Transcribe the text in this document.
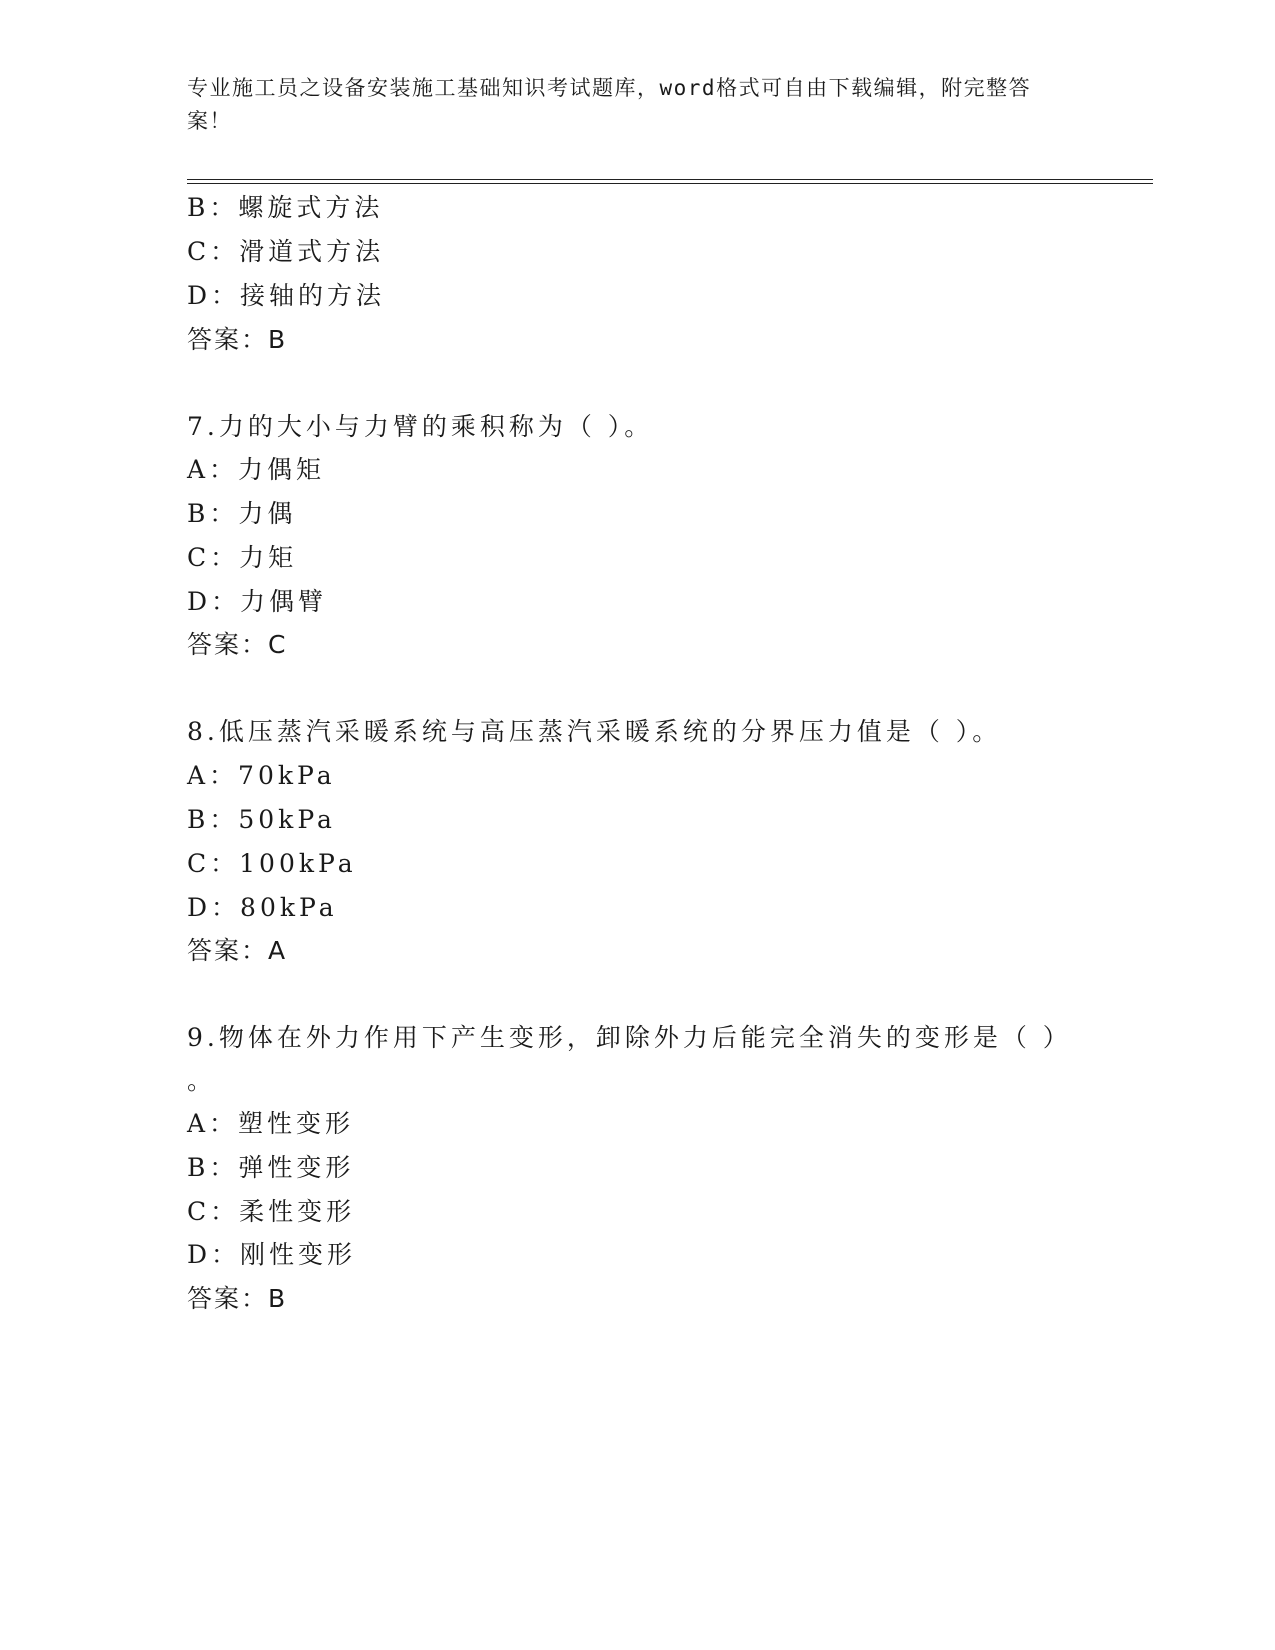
专业施工员之设备安装施工基础知识考试题库，word格式可自由下载编辑，附完整答案！
B：螺旋式方法
C：滑道式方法
D：接轴的方法
答案：B
7.力的大小与力臂的乘积称为（ ）。
A：力偶矩
B：力偶
C：力矩
D：力偶臂
答案：C
8.低压蒸汽采暖系统与高压蒸汽采暖系统的分界压力值是（ ）。
A：70kPa
B：50kPa
C：100kPa
D：80kPa
答案：A
9.物体在外力作用下产生变形，卸除外力后能完全消失的变形是（ ）
。
A：塑性变形
B：弹性变形
C：柔性变形
D：刚性变形
答案：B
